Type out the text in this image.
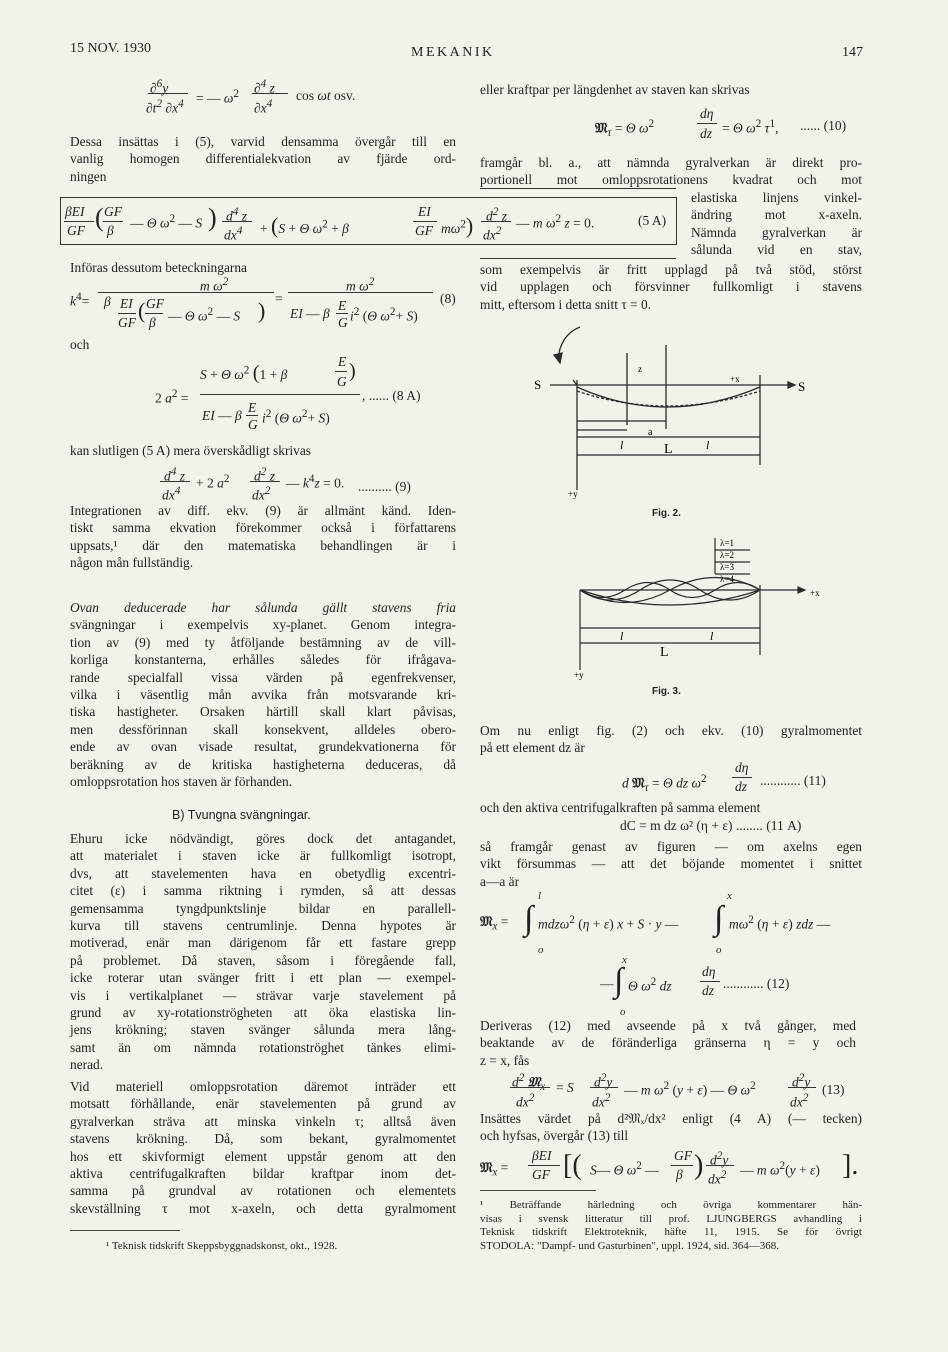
15 NOV. 1930	MEKANIK	147
∂$^6$y
$\partial t^2$ $\partial x^4$ = — $\omega^2$ ∂$^4$ z
$\partial x^4$
cos ωt osv.
Dessa insättas i (5), varvid densamma övergår till en
vanlig homogen differentialekvation av fjärde ord-
ningen
βEI
GF ( GF
β — Θ $\omega^2$ — S ) $d^4$ z
$dx^4 + (S + \Theta$ $\omega^2 + \beta$
EI
GF $m\omega^2$) $d^2$ z
$dx^2$
— m $\omega^2$ z = 0.	(5 A)
Införas dessutom beteckningarna
$k^4=$
m $\omega^2$
β EI
GF ( GF
β — Θ $\omega^2$ — S ) =
m $\omega^2$
EI — β
E
G $i^2$ (Θ $\omega^2+ S$)
(8)
och
S + Θ $\omega^2$ (1 + β
E
G )
2 $a^2$ =
EI — β
E
G $i^2$ (Θ $\omega^2+ S$)
, ...... (8 A)
kan slutligen (5 A) mera överskådligt skrivas
$d^4$ z
$dx^4$
+ 2 $a^2$ $d^2$ z
$dx^2$
— $k^4z = 0$. .......... (9)
Integrationen av diff. ekv. (9) är allmänt känd. Iden-
tiskt samma ekvation förekommer också i författarens
uppsats,¹ där den matematiska behandlingen är i
någon mån fullständig.
Ovan deducerade har sålunda gällt stavens fria
svängningar i exempelvis xy-planet. Genom integra-
tion av (9) med ty åtföljande bestämning av de vill-
korliga konstanterna, erhålles således för ifrågava-
rande specialfall vissa värden på egenfrekvenser,
vilka i väsentlig mån avvika från motsvarande kri-
tiska hastigheter. Orsaken härtill skall klart påvisas,
men dessförinnan skall konsekvent, alldeles obero-
ende av ovan visade resultat, grundekvationerna för
beräkning av de kritiska hastigheterna deduceras, då
omloppsrotation hos staven är förhanden.
B) Tvungna svängningar.
Ehuru icke nödvändigt, göres dock det antagandet,
att materialet i staven icke är fullkomligt isotropt,
dvs, att stavelementen hava en obetydlig excentri-
citet (ε) i samma riktning i rymden, så att dessas
gemensamma tyngdpunktslinje bildar en parallell-
kurva till stavens centrumlinje. Denna hypotes är
motiverad, enär man därigenom får ett fastare grepp
på problemet. Då staven, såsom i föregående fall,
icke roterar utan svänger fritt i ett plan — exempel-
vis i vertikalplanet — strävar varje stavelement på
grund av xy-rotationströgheten att öka elastiska lin-
jens krökning; staven svänger sålunda mera lång-
samt än om nämnda rotationströghet tänkes elimi-
nerad.
Vid materiell omloppsrotation däremot inträder ett
motsatt förhållande, enär stavelementen på grund av
gyralverkan sträva att minska vinkeln τ; alltså även
stavens krökning. Då, som bekant, gyralmomentet
hos ett skivformigt element uppstår genom att den
aktiva centrifugalkraften bildar kraftpar inom det-
samma på grundval av rotationen och elementets
skevställning τ mot x-axeln, och detta gyralmoment
¹ Teknisk tidskrift Skeppsbyggnadskonst, okt., 1928.
eller kraftpar per längdenhet av staven kan skrivas
𝔐$_\tau$ = Θ $\omega^2$
dη
dz = Θ $\omega^2$ $\tau^1$, ...... (10)
framgår bl. a., att nämnda gyralverkan är direkt pro-
portionell mot omloppsrotationens kvadrat och mot
elastiska linjens vinkel-
ändring mot x-axeln.
Nämnda gyralverkan är
sålunda vid en stav,
som exempelvis är fritt upplagd på två stöd, störst
vid upplagen och försvinner fullkomligt i stavens
mitt, eftersom i detta snitt τ = 0.
S	S
+x
+y
l	l
L
a
z
Fig. 2.
λ=1
λ=2
λ=3
λ=4
+x
+y
l	l
L
Fig. 3.
Om nu enligt fig. (2) och ekv. (10) gyralmomentet
på ett element dz är
d 𝔐$_\tau$ = Θ dz $\omega^2$
dη
dz ............ (11)
och den aktiva centrifugalkraften på samma element
dC = m dz ω² (η + ε) ........ (11 A)
så framgår genast av figuren — om axelns egen
vikt försummas — att det böjande momentet i snittet
a—a är
l
𝔐$_x$ = ∫ mdzω$^2$ (η + ε) x + S · y —
x
∫ $m\omega^2$ (η + ε) zdz —
o	o
x
— ∫ Θ $\omega^2$ dz
dη
dz ............ (12)
o
Deriveras (12) med avseende på x två gånger, med
beaktande av de föränderliga gränserna η = y och
z = x, fås
$d^2$ 𝔐$_x$
$dx^2$
= S $d^2y$
$dx^2$
— m $\omega^2$ (y + ε) — Θ $\omega^2$	$d^2y$
$dx^2$
(13)
Insättes värdet på d²𝔐ₓ/dx² enligt (4 A) (— tecken)
och hyfsas, övergår (13) till
𝔐$_x$ =
βEI
GF [( S— Θ $\omega^2$ —
GF
β ) $d^2y$
$dx^2$ — m $\omega^2(y + \varepsilon)$ ].
¹ Beträffande härledning och övriga kommentarer hän-
visas i svensk litteratur till prof. LJUNGBERGS avhandling i
Teknisk tidskrift Elektroteknik, häfte 11, 1915. Se för övrigt
STODOLA: "Dampf- und Gasturbinen", uppl. 1924, sid. 364—368.
